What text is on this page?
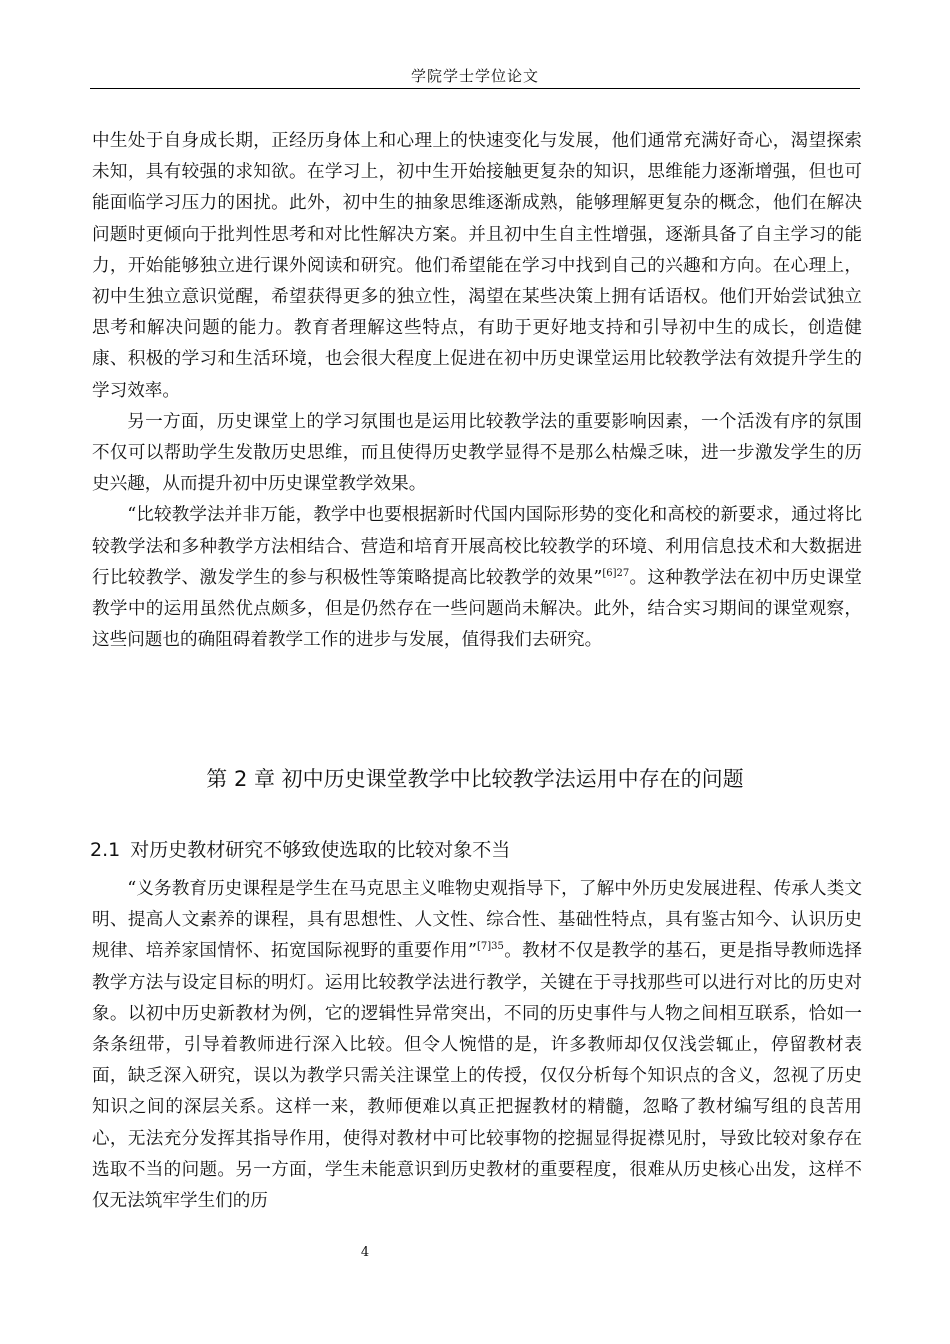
学院学士学位论文

中生处于自身成长期，正经历身体上和心理上的快速变化与发展，他们通常充满好奇心，渴望探索未知，具有较强的求知欲。在学习上，初中生开始接触更复杂的知识，思维能力逐渐增强，但也可能面临学习压力的困扰。此外，初中生的抽象思维逐渐成熟，能够理解更复杂的概念，他们在解决问题时更倾向于批判性思考和对比性解决方案。并且初中生自主性增强，逐渐具备了自主学习的能力，开始能够独立进行课外阅读和研究。他们希望能在学习中找到自己的兴趣和方向。在心理上，初中生独立意识觉醒，希望获得更多的独立性，渴望在某些决策上拥有话语权。他们开始尝试独立思考和解决问题的能力。教育者理解这些特点，有助于更好地支持和引导初中生的成长，创造健康、积极的学习和生活环境，也会很大程度上促进在初中历史课堂运用比较教学法有效提升学生的学习效率。

另一方面，历史课堂上的学习氛围也是运用比较教学法的重要影响因素，一个活泼有序的氛围不仅可以帮助学生发散历史思维，而且使得历史教学显得不是那么枯燥乏味，进一步激发学生的历史兴趣，从而提升初中历史课堂教学效果。

“比较教学法并非万能，教学中也要根据新时代国内国际形势的变化和高校的新要求，通过将比较教学法和多种教学方法相结合、营造和培育开展高校比较教学的环境、利用信息技术和大数据进行比较教学、激发学生的参与积极性等策略提高比较教学的效果”$^{[6]27}$。这种教学法在初中历史课堂教学中的运用虽然优点颇多，但是仍然存在一些问题尚未解决。此外，结合实习期间的课堂观察，这些问题也的确阻碍着教学工作的进步与发展，值得我们去研究。

第 2 章 初中历史课堂教学中比较教学法运用中存在的问题
2.1 对历史教材研究不够致使选取的比较对象不当

“义务教育历史课程是学生在马克思主义唯物史观指导下，了解中外历史发展进程、传承人类文明、提高人文素养的课程，具有思想性、人文性、综合性、基础性特点，具有鉴古知今、认识历史规律、培养家国情怀、拓宽国际视野的重要作用”$^{[7]35}$。教材不仅是教学的基石，更是指导教师选择教学方法与设定目标的明灯。运用比较教学法进行教学，关键在于寻找那些可以进行对比的历史对象。以初中历史新教材为例，它的逻辑性异常突出，不同的历史事件与人物之间相互联系，恰如一条条纽带，引导着教师进行深入比较。但令人惋惜的是，许多教师却仅仅浅尝辄止，停留教材表面，缺乏深入研究，误以为教学只需关注课堂上的传授，仅仅分析每个知识点的含义，忽视了历史知识之间的深层关系。这样一来，教师便难以真正把握教材的精髓，忽略了教材编写组的良苦用心，无法充分发挥其指导作用，使得对教材中可比较事物的挖掘显得捉襟见肘，导致比较对象存在选取不当的问题。另一方面，学生未能意识到历史教材的重要程度，很难从历史核心出发，这样不仅无法筑牢学生们的历

4
